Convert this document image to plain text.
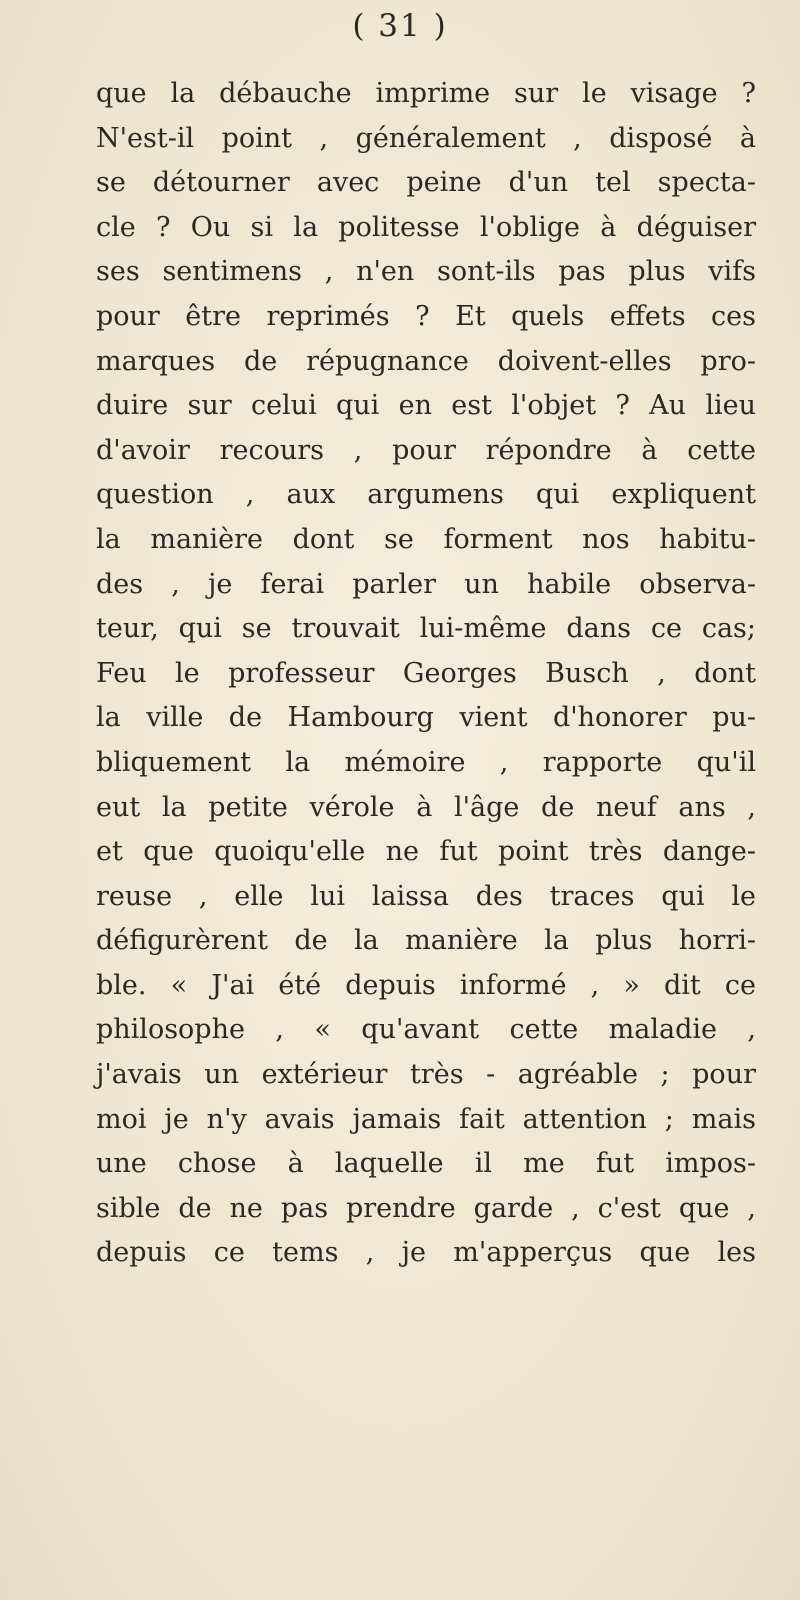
( 31 )
que la débauche imprime sur le visage ?
N'est-il point , généralement , disposé à
se détourner avec peine d'un tel specta-
cle ? Ou si la politesse l'oblige à déguiser
ses sentimens , n'en sont-ils pas plus vifs
pour être reprimés ? Et quels effets ces
marques de répugnance doivent-elles pro-
duire sur celui qui en est l'objet ? Au lieu
d'avoir recours , pour répondre à cette
question , aux argumens qui expliquent
la manière dont se forment nos habitu-
des , je ferai parler un habile observa-
teur, qui se trouvait lui-même dans ce cas;
Feu le professeur Georges Busch , dont
la ville de Hambourg vient d'honorer pu-
bliquement la mémoire , rapporte qu'il
eut la petite vérole à l'âge de neuf ans ,
et que quoiqu'elle ne fut point très dange-
reuse , elle lui laissa des traces qui le
défigurèrent de la manière la plus horri-
ble. « J'ai été depuis informé , » dit ce
philosophe , « qu'avant cette maladie ,
j'avais un extérieur très - agréable ; pour
moi je n'y avais jamais fait attention ; mais
une chose à laquelle il me fut impos-
sible de ne pas prendre garde , c'est que ,
depuis ce tems , je m'apperçus que les
